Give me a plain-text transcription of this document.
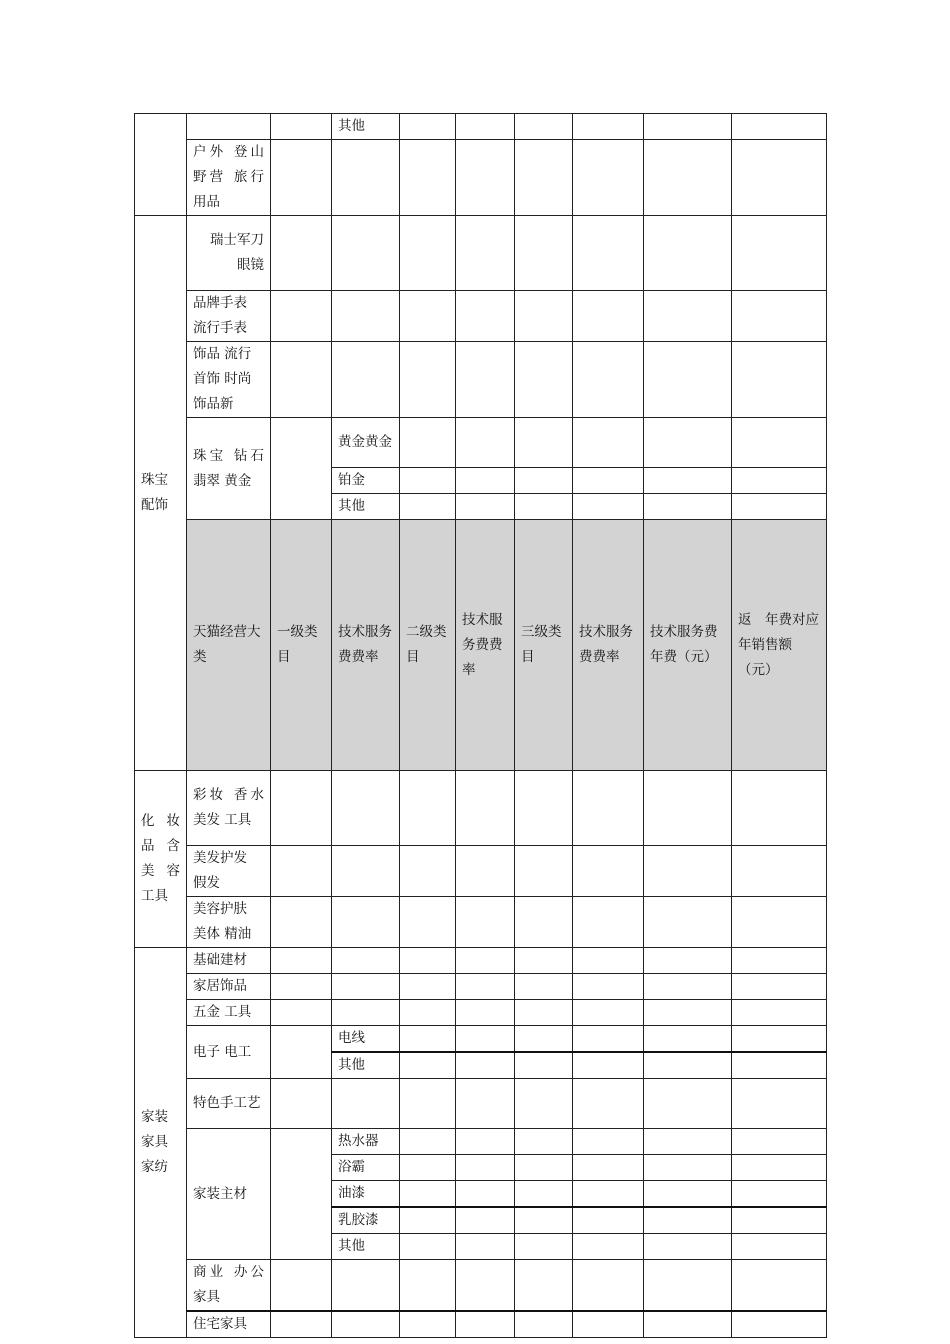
			其他							
	户外 登山 野营 旅行用品									
珠宝配饰	瑞士军刀 眼镜									
	品牌手表 流行手表									
	饰品 流行首饰 时尚饰品新									
	珠宝 钻石 翡翠 黄金		黄金黄金							
			铂金							
			其他							
	天猫经营大类	一级类目	技术服务费费率	二级类目	技术服务费费率	三级类目	技术服务费费率	技术服务费年费（元）	返　年费对应年销售额（元）	
化妆品含美容工具	彩妆 香水 美发 工具									
	美发护发 假发									
	美容护肤 美体 精油									
家装家具家纺	基础建材									
	家居饰品									
	五金 工具									
	电子 电工		电线							
			其他							
	特色手工艺									
	家装主材		热水器							
			浴霸							
			油漆							
			乳胶漆							
			其他							
	商业 办公家具									
	住宅家具									
